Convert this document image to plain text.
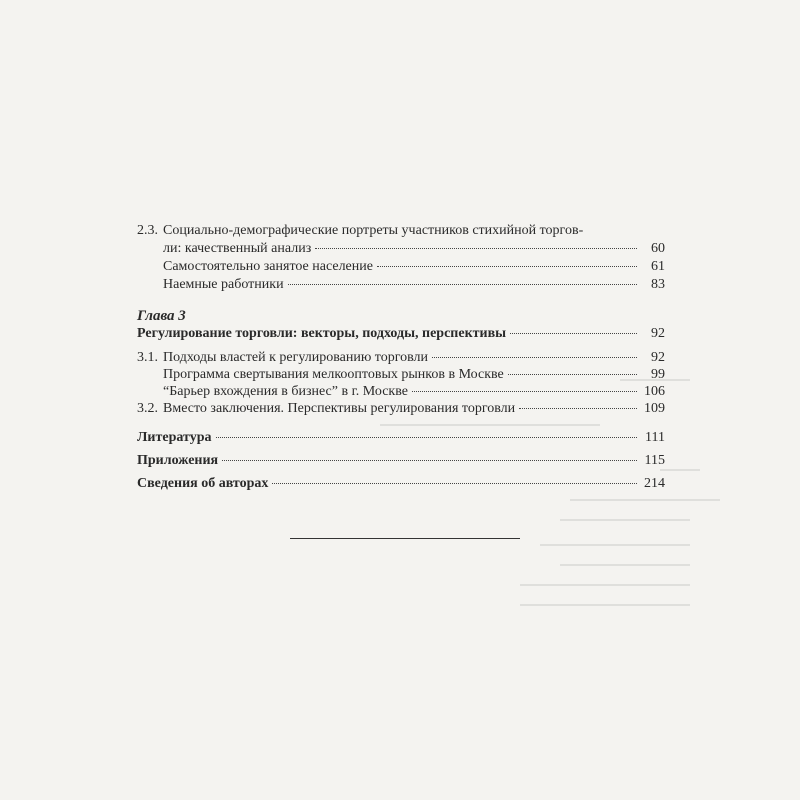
2.3. Социально-демографические портреты участников стихийной торгов-
ли: качественный анализ	60
Самостоятельно занятое население	61
Наемные работники	83
Глава 3
Регулирование торговли: векторы, подходы, перспективы	92
3.1. Подходы властей к регулированию торговли	92
Программа свертывания мелкооптовых рынков в Москве	99
“Барьер вхождения в бизнес” в г. Москве	106
3.2. Вместо заключения. Перспективы регулирования торговли	109
Литература	111
Приложения	115
Сведения об авторах	214
